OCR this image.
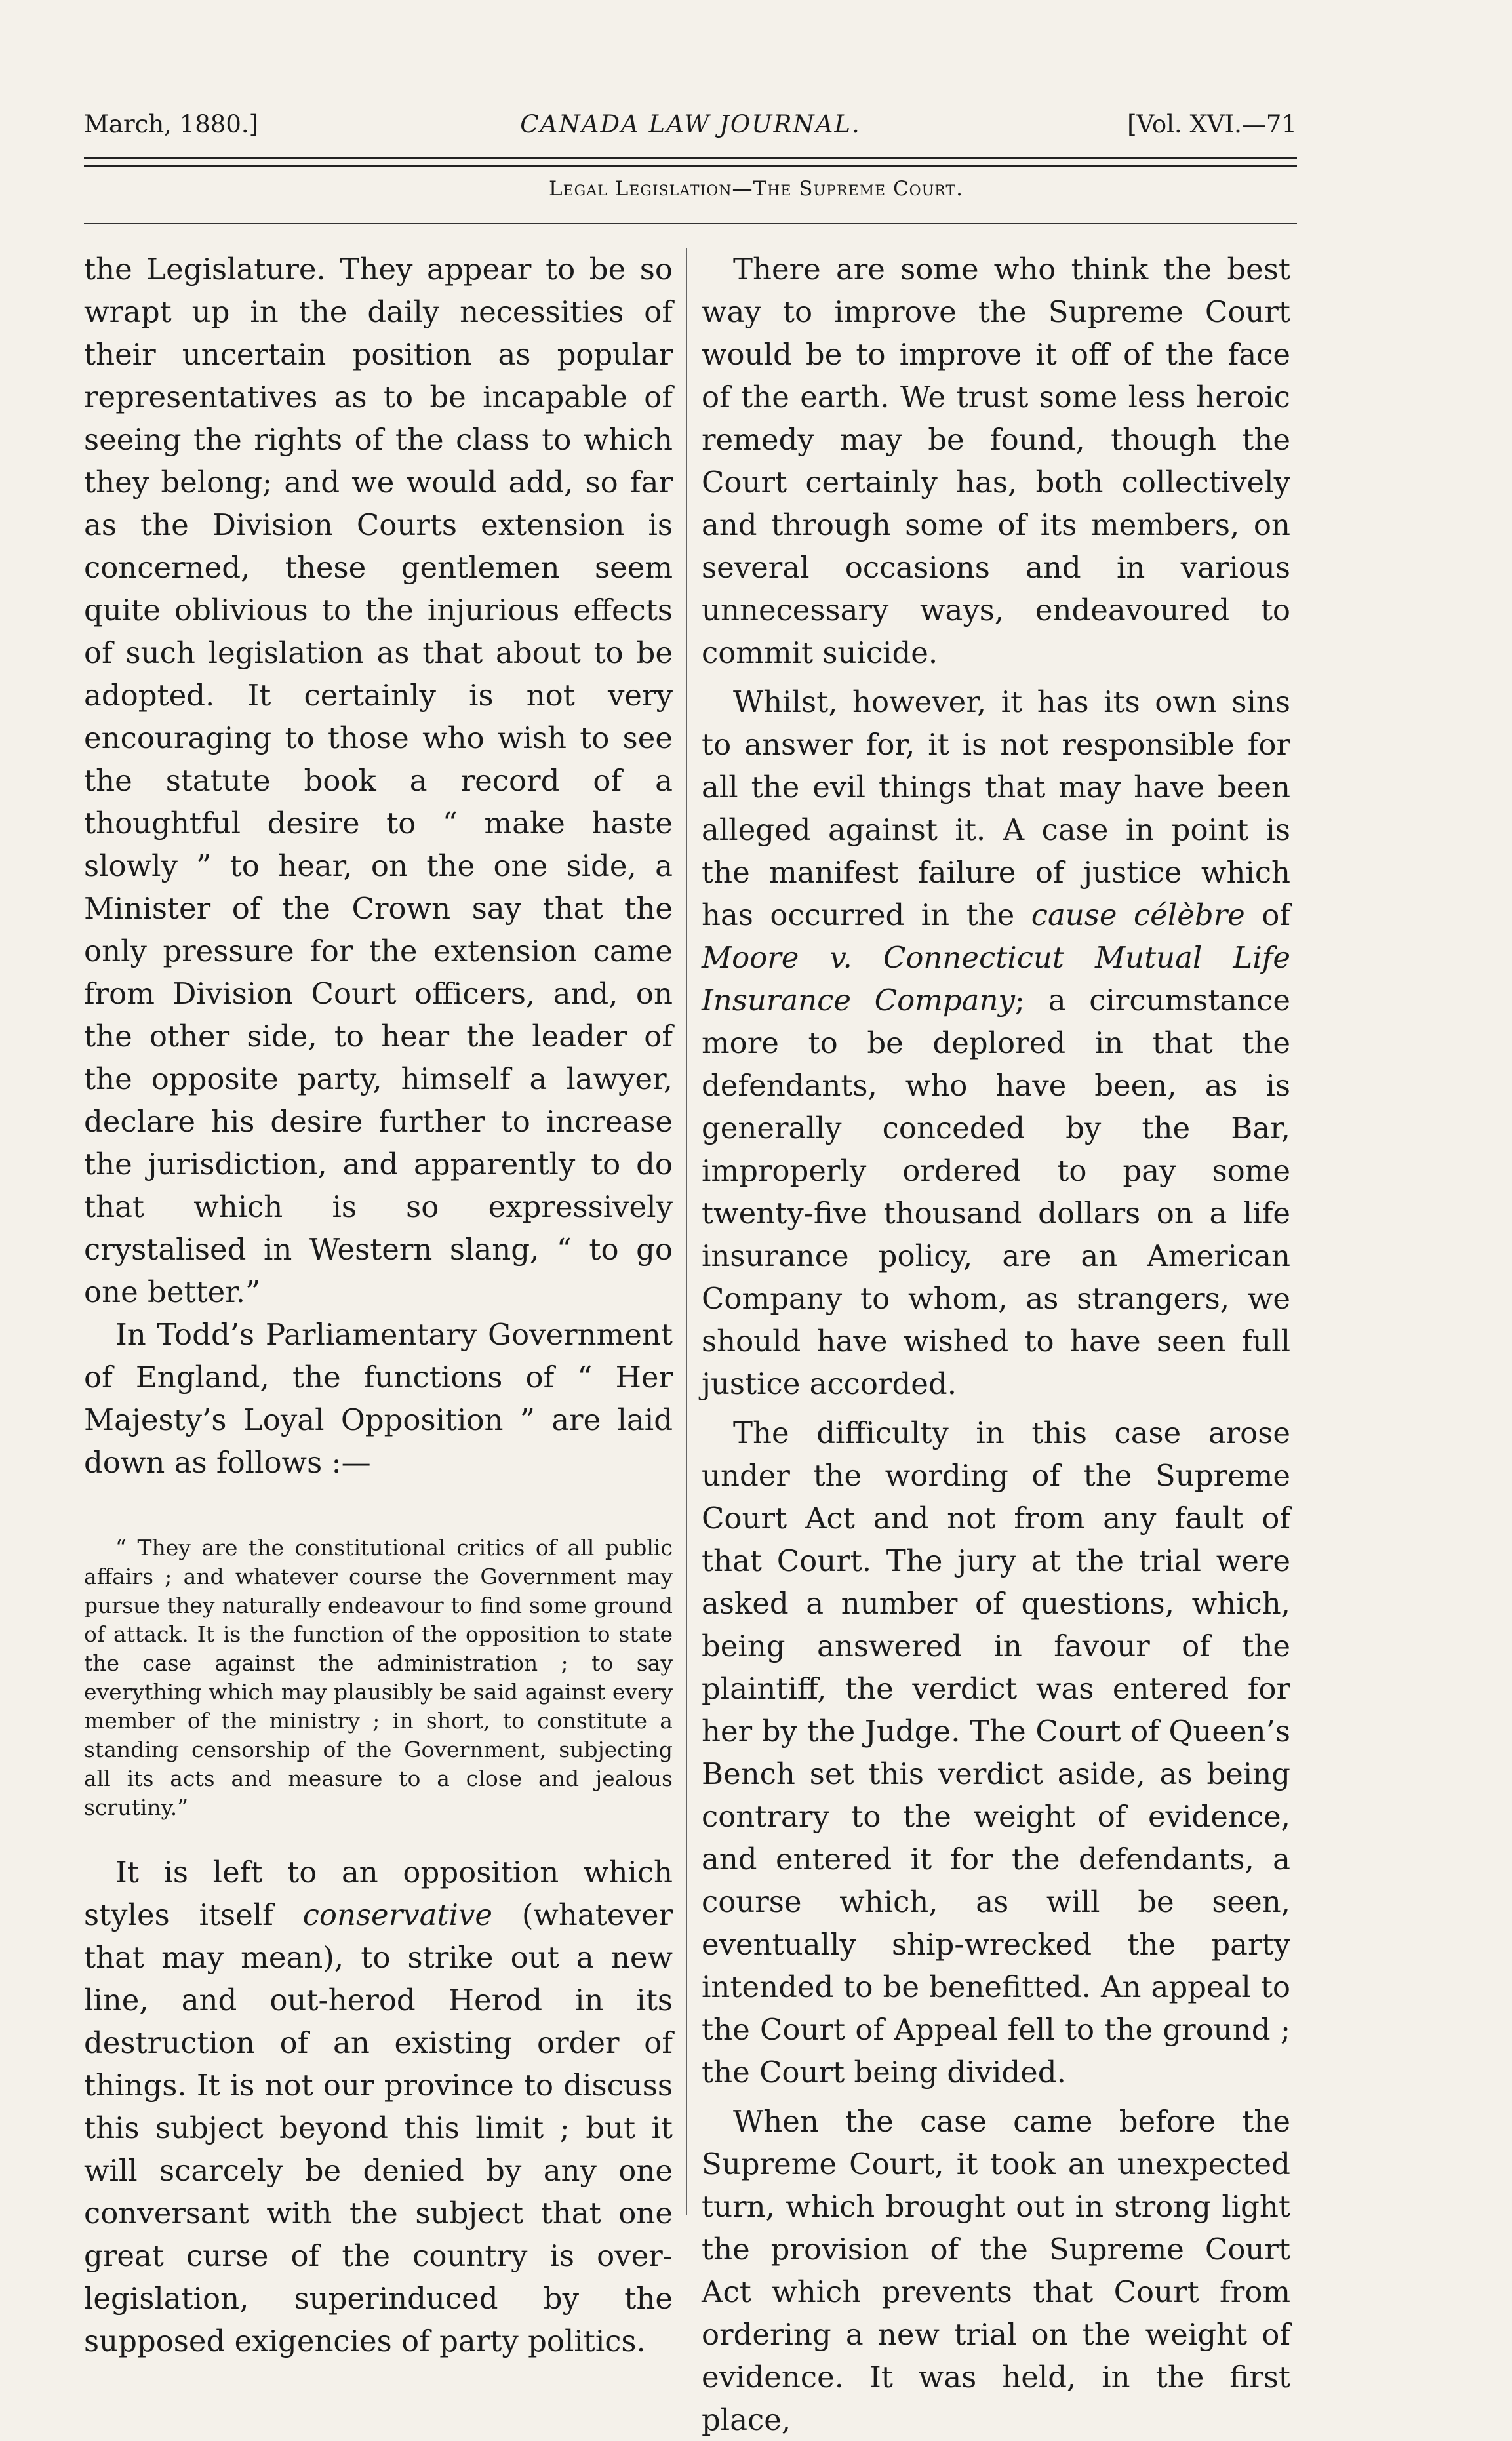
March, 1880.]	CANADA LAW JOURNAL.	[Vol. XVI.—71
Legal Legislation—The Supreme Court.

the Legislature. They appear to be so wrapt up in the daily necessities of their uncertain position as popular representatives as to be incapable of seeing the rights of the class to which they belong; and we would add, so far as the Division Courts extension is concerned, these gentlemen seem quite oblivious to the injurious effects of such legislation as that about to be adopted. It certainly is not very encouraging to those who wish to see the statute book a record of a thoughtful desire to “ make haste slowly ” to hear, on the one side, a Minister of the Crown say that the only pressure for the extension came from Division Court officers, and, on the other side, to hear the leader of the opposite party, himself a lawyer, declare his desire further to increase the jurisdiction, and apparently to do that which is so expressively crystalised in Western slang, “ to go one better.”

In Todd’s Parliamentary Government of England, the functions of “ Her Majesty’s Loyal Opposition ” are laid down as follows :—

“ They are the constitutional critics of all public affairs ; and whatever course the Government may pursue they naturally endeavour to find some ground of attack. It is the function of the opposition to state the case against the administration ; to say everything which may plausibly be said against every member of the ministry ; in short, to constitute a standing censorship of the Government, subjecting all its acts and measure to a close and jealous scrutiny.”

It is left to an opposition which styles itself conservative (whatever that may mean), to strike out a new line, and out-herod Herod in its destruction of an existing order of things. It is not our province to discuss this subject beyond this limit ; but it will scarcely be denied by any one conversant with the subject that one great curse of the country is over-legislation, superinduced by the supposed exigencies of party politics.

There are some who think the best way to improve the Supreme Court would be to improve it off of the face of the earth. We trust some less heroic remedy may be found, though the Court certainly has, both collectively and through some of its members, on several occasions and in various unnecessary ways, endeavoured to commit suicide.

Whilst, however, it has its own sins to answer for, it is not responsible for all the evil things that may have been alleged against it. A case in point is the manifest failure of justice which has occurred in the cause célèbre of Moore v. Connecticut Mutual Life Insurance Company; a circumstance more to be deplored in that the defendants, who have been, as is generally conceded by the Bar, improperly ordered to pay some twenty-five thousand dollars on a life insurance policy, are an American Company to whom, as strangers, we should have wished to have seen full justice accorded.

The difficulty in this case arose under the wording of the Supreme Court Act and not from any fault of that Court. The jury at the trial were asked a number of questions, which, being answered in favour of the plaintiff, the verdict was entered for her by the Judge. The Court of Queen’s Bench set this verdict aside, as being contrary to the weight of evidence, and entered it for the defendants, a course which, as will be seen, eventually ship-wrecked the party intended to be benefitted. An appeal to the Court of Appeal fell to the ground ; the Court being divided.

When the case came before the Supreme Court, it took an unexpected turn, which brought out in strong light the provision of the Supreme Court Act which prevents that Court from ordering a new trial on the weight of evidence. It was held, in the first place,
